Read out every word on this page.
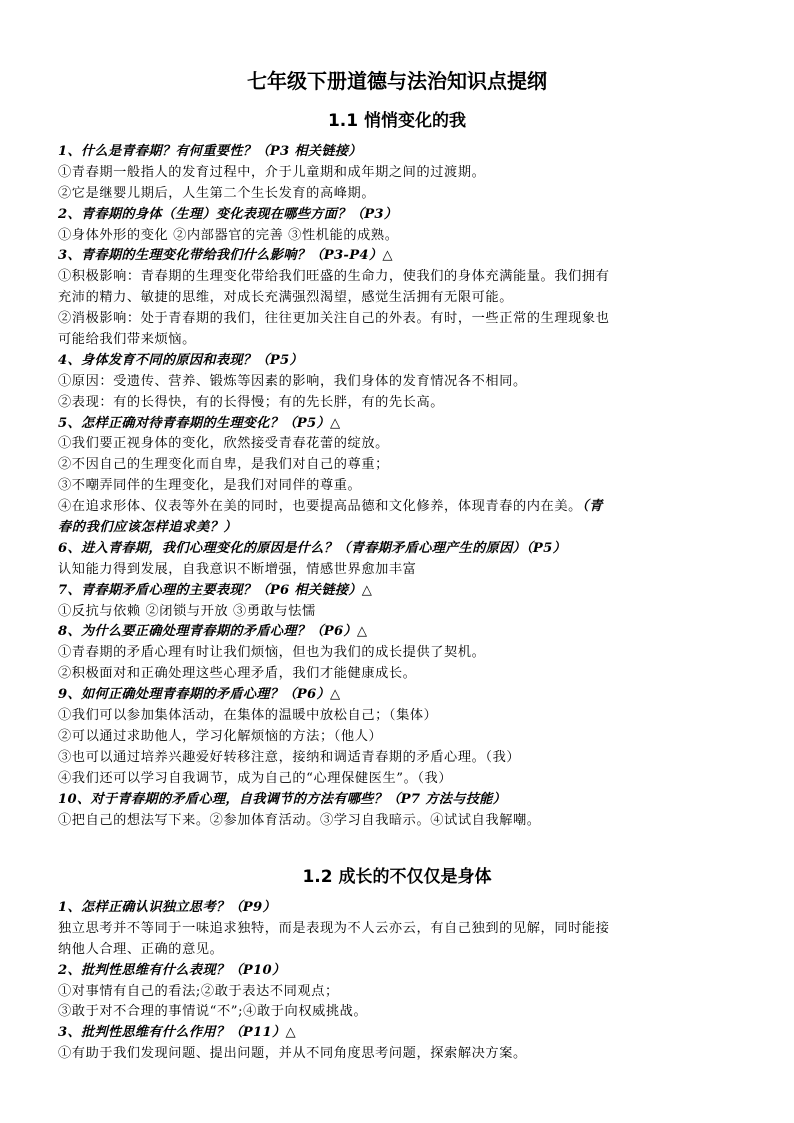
七年级下册道德与法治知识点提纲
1.1 悄悄变化的我
1、什么是青春期？有何重要性？（P3 相关链接）
①青春期一般指人的发育过程中，介于儿童期和成年期之间的过渡期。
②它是继婴儿期后，人生第二个生长发育的高峰期。
2、青春期的身体（生理）变化表现在哪些方面？（P3）
①身体外形的变化 ②内部器官的完善 ③性机能的成熟。
3、青春期的生理变化带给我们什么影响？（P3-P4）△
①积极影响：青春期的生理变化带给我们旺盛的生命力，使我们的身体充满能量。我们拥有
充沛的精力、敏捷的思维，对成长充满强烈渴望，感觉生活拥有无限可能。
②消极影响：处于青春期的我们，往往更加关注自己的外表。有时，一些正常的生理现象也
可能给我们带来烦恼。
4、身体发育不同的原因和表现？（P5）
①原因：受遗传、营养、锻炼等因素的影响，我们身体的发育情况各不相同。
②表现：有的长得快，有的长得慢；有的先长胖，有的先长高。
5、怎样正确对待青春期的生理变化？（P5）△
①我们要正视身体的变化，欣然接受青春花蕾的绽放。
②不因自己的生理变化而自卑，是我们对自己的尊重；
③不嘲弄同伴的生理变化，是我们对同伴的尊重。
④在追求形体、仪表等外在美的同时，也要提高品德和文化修养，体现青春的内在美。（青
春的我们应该怎样追求美？）
6、进入青春期，我们心理变化的原因是什么？（青春期矛盾心理产生的原因）（P5）
认知能力得到发展，自我意识不断增强，情感世界愈加丰富
7、青春期矛盾心理的主要表现？（P6 相关链接）△
①反抗与依赖 ②闭锁与开放 ③勇敢与怯懦
8、为什么要正确处理青春期的矛盾心理？（P6）△
①青春期的矛盾心理有时让我们烦恼，但也为我们的成长提供了契机。
②积极面对和正确处理这些心理矛盾，我们才能健康成长。
9、如何正确处理青春期的矛盾心理？（P6）△
①我们可以参加集体活动，在集体的温暖中放松自己；（集体）
②可以通过求助他人，学习化解烦恼的方法；（他人）
③也可以通过培养兴趣爱好转移注意，接纳和调适青春期的矛盾心理。（我）
④我们还可以学习自我调节，成为自己的“心理保健医生”。（我）
10、对于青春期的矛盾心理，自我调节的方法有哪些？（P7 方法与技能）
①把自己的想法写下来。②参加体育活动。③学习自我暗示。④试试自我解嘲。
1.2 成长的不仅仅是身体
1、怎样正确认识独立思考？（P9）
独立思考并不等同于一味追求独特，而是表现为不人云亦云，有自己独到的见解，同时能接
纳他人合理、正确的意见。
2、批判性思维有什么表现？（P10）
①对事情有自己的看法;②敢于表达不同观点；
③敢于对不合理的事情说“不”;④敢于向权威挑战。
3、批判性思维有什么作用？（P11）△
①有助于我们发现问题、提出问题，并从不同角度思考问题，探索解决方案。
